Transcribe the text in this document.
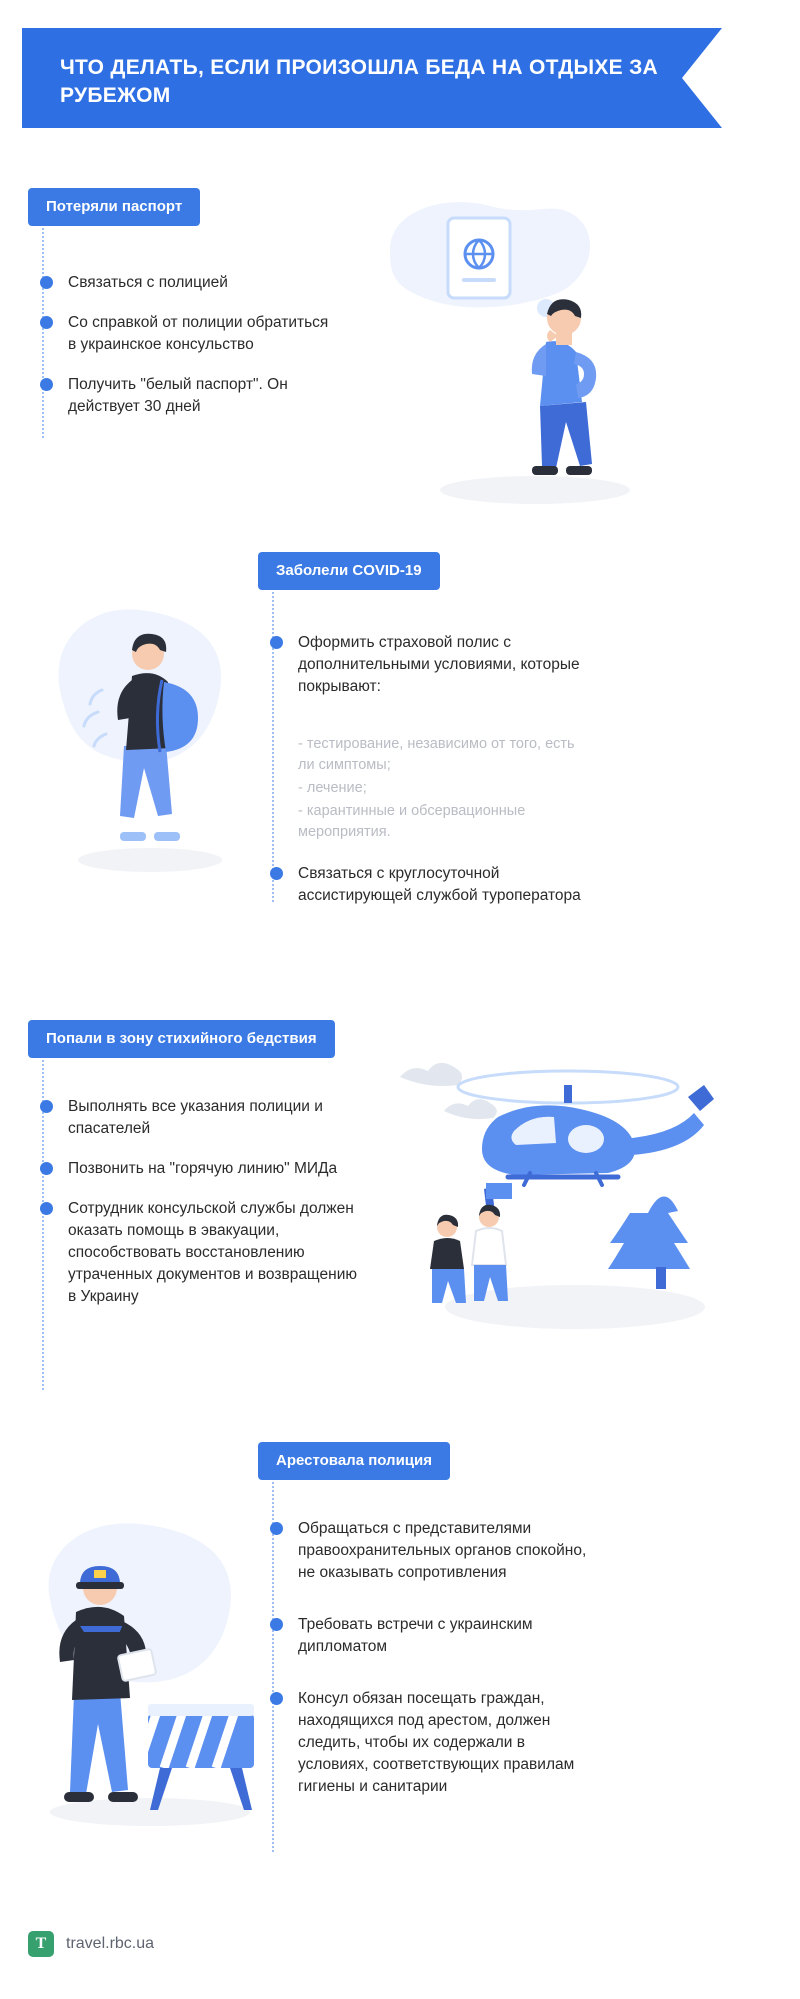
ЧТО ДЕЛАТЬ, ЕСЛИ ПРОИЗОШЛА БЕДА НА ОТДЫХЕ ЗА РУБЕЖОМ
Потеряли паспорт
Связаться с полицией
Со справкой от полиции обратиться в украинское консульство
Получить "белый паспорт". Он действует 30 дней
Заболели COVID-19
Оформить страховой полис с дополнительными условиями, которые покрывают:
- тестирование, независимо от того, есть ли симптомы;
- лечение;
- карантинные и обсервационные мероприятия.
Связаться с круглосуточной ассистирующей службой туроператора
Попали в зону стихийного бедствия
Выполнять все указания полиции и спасателей
Позвонить на "горячую линию" МИДа
Сотрудник консульской службы должен оказать помощь в эвакуации, способствовать восстановлению утраченных документов и возвращению в Украину
Арестовала полиция
Обращаться с представителями правоохранительных органов спокойно, не оказывать сопротивления
Требовать встречи с украинским дипломатом
Консул обязан посещать граждан, находящихся под арестом, должен следить, чтобы их содержали в условиях, соответствующих правилам гигиены и санитарии
T	travel.rbc.ua
